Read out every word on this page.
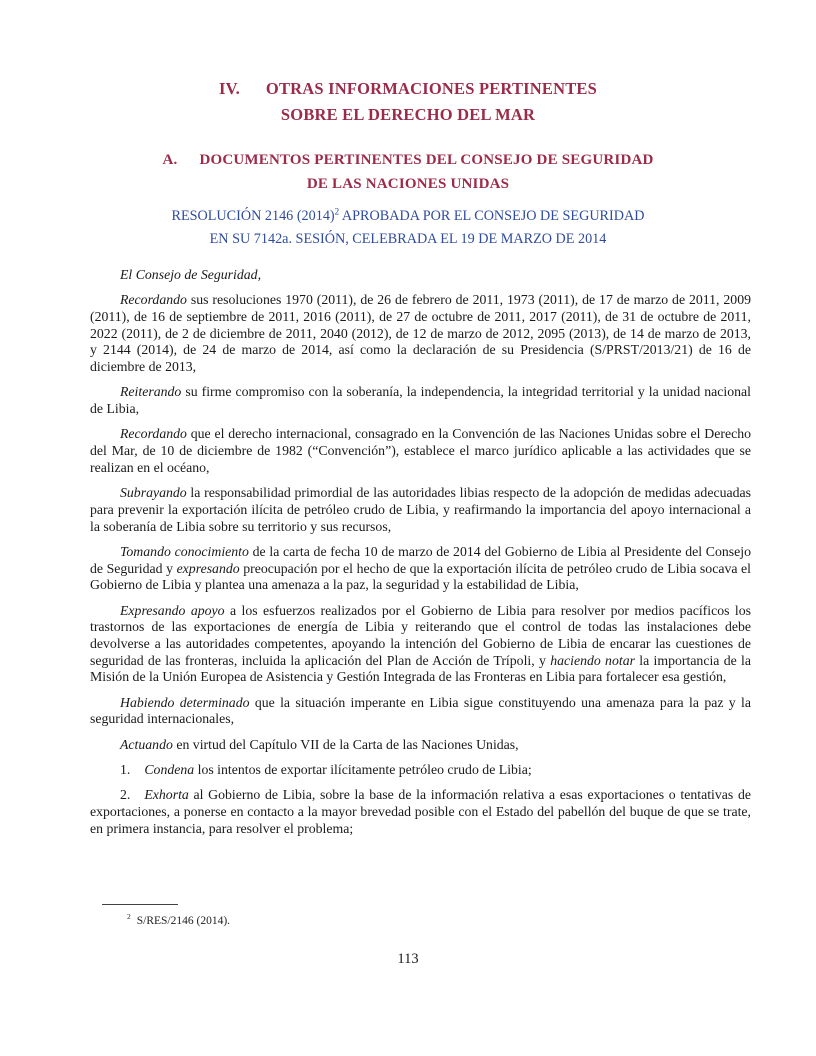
IV. OTRAS INFORMACIONES PERTINENTES
SOBRE EL DERECHO DEL MAR
A. DOCUMENTOS PERTINENTES DEL CONSEJO DE SEGURIDAD
DE LAS NACIONES UNIDAS
RESOLUCIÓN 2146 $(2014)^2$ APROBADA POR EL CONSEJO DE SEGURIDAD
EN SU 7142a. SESIÓN, CELEBRADA EL 19 DE MARZO DE 2014

El Consejo de Seguridad,

Recordando sus resoluciones 1970 (2011), de 26 de febrero de 2011, 1973 (2011), de 17 de marzo de 2011, 2009 (2011), de 16 de septiembre de 2011, 2016 (2011), de 27 de octubre de 2011, 2017 (2011), de 31 de octubre de 2011, 2022 (2011), de 2 de diciembre de 2011, 2040 (2012), de 12 de marzo de 2012, 2095 (2013), de 14 de marzo de 2013, y 2144 (2014), de 24 de marzo de 2014, así como la declaración de su Presidencia (S/PRST/2013/21) de 16 de diciembre de 2013,

Reiterando su firme compromiso con la soberanía, la independencia, la integridad territorial y la unidad nacional de Libia,

Recordando que el derecho internacional, consagrado en la Convención de las Naciones Unidas sobre el Derecho del Mar, de 10 de diciembre de 1982 (“Convención”), establece el marco jurídico aplicable a las actividades que se realizan en el océano,

Subrayando la responsabilidad primordial de las autoridades libias respecto de la adopción de medidas adecuadas para prevenir la exportación ilícita de petróleo crudo de Libia, y reafirmando la importancia del apoyo internacional a la soberanía de Libia sobre su territorio y sus recursos,

Tomando conocimiento de la carta de fecha 10 de marzo de 2014 del Gobierno de Libia al Presidente del Consejo de Seguridad y expresando preocupación por el hecho de que la exportación ilícita de petróleo crudo de Libia socava el Gobierno de Libia y plantea una amenaza a la paz, la seguridad y la estabilidad de Libia,

Expresando apoyo a los esfuerzos realizados por el Gobierno de Libia para resolver por medios pacíficos los trastornos de las exportaciones de energía de Libia y reiterando que el control de todas las instalaciones debe devolverse a las autoridades competentes, apoyando la intención del Gobierno de Libia de encarar las cuestiones de seguridad de las fronteras, incluida la aplicación del Plan de Acción de Trípoli, y haciendo notar la importancia de la Misión de la Unión Europea de Asistencia y Gestión Integrada de las Fronteras en Libia para fortalecer esa gestión,

Habiendo determinado que la situación imperante en Libia sigue constituyendo una amenaza para la paz y la seguridad internacionales,

Actuando en virtud del Capítulo VII de la Carta de las Naciones Unidas,

1. Condena los intentos de exportar ilícitamente petróleo crudo de Libia;

2. Exhorta al Gobierno de Libia, sobre la base de la información relativa a esas exportaciones o tentativas de exportaciones, a ponerse en contacto a la mayor brevedad posible con el Estado del pabellón del buque de que se trate, en primera instancia, para resolver el problema;

$^2$ S/RES/2146 (2014).
113
